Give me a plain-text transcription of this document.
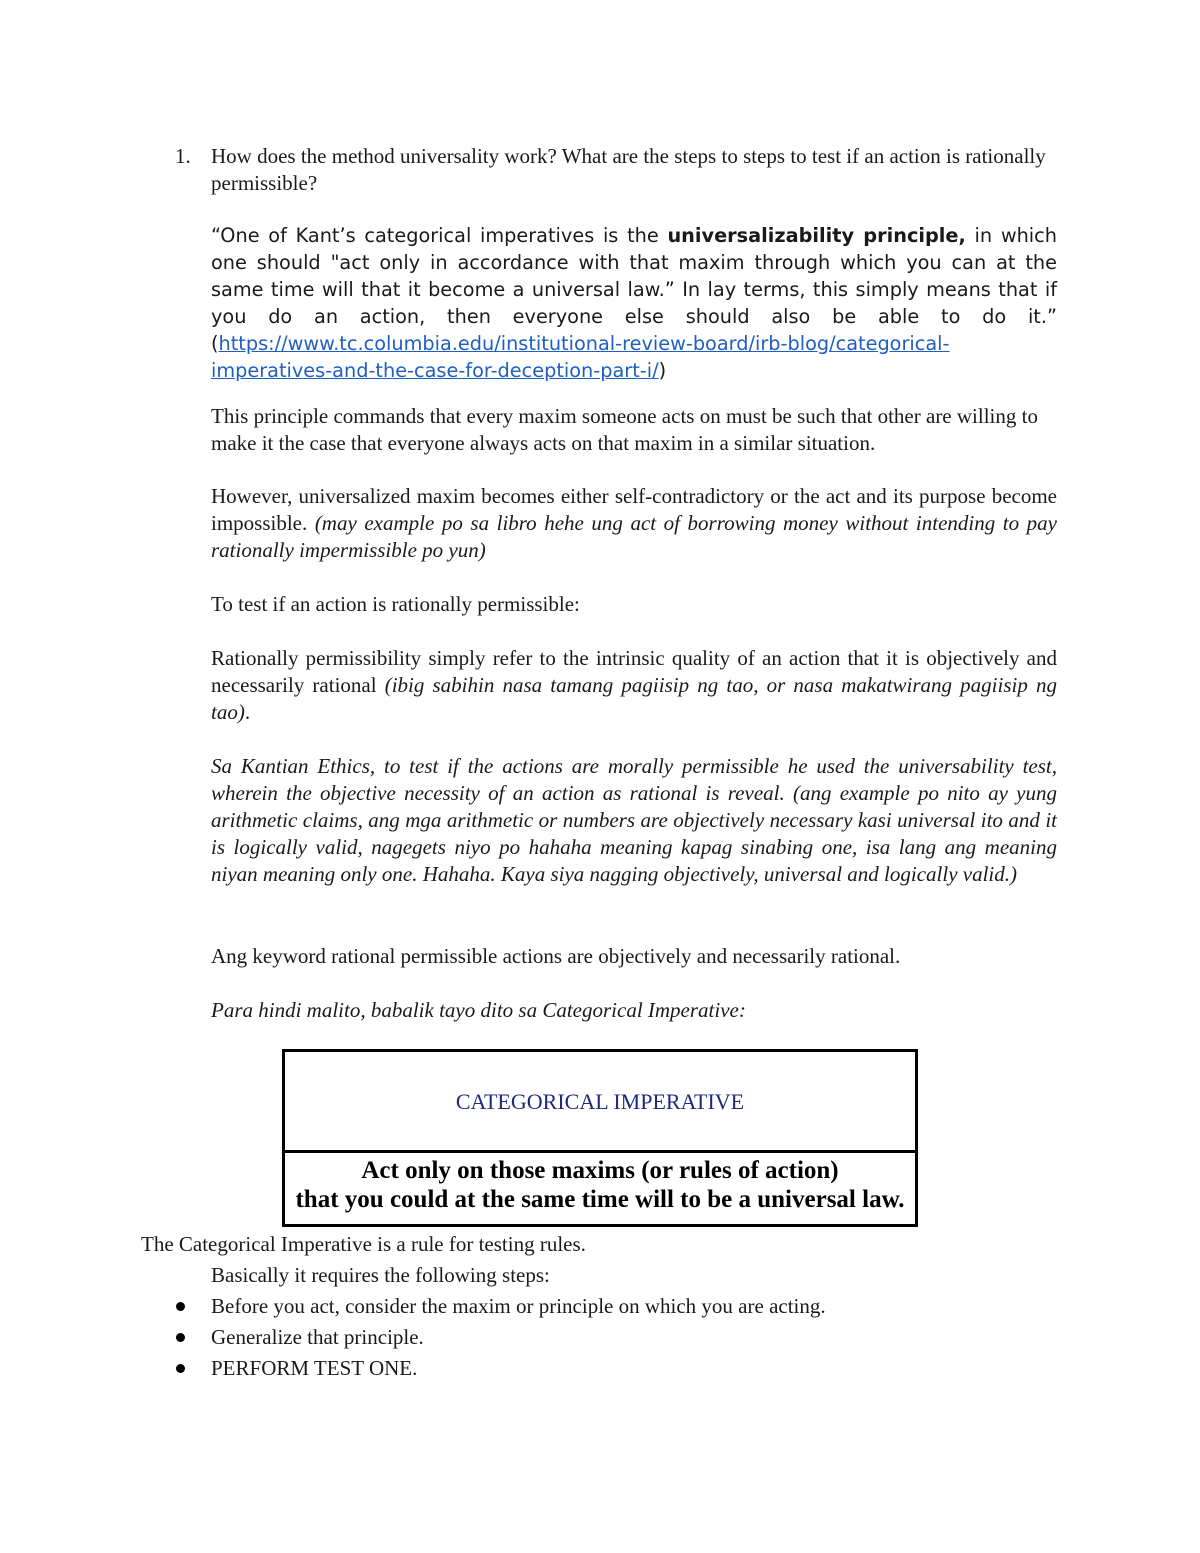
1. How does the method universality work? What are the steps to steps to test if an action is rationally permissible?
“One of Kant’s categorical imperatives is the universalizability principle, in which one should "act only in accordance with that maxim through which you can at the same time will that it become a universal law.” In lay terms, this simply means that if you do an action, then everyone else should also be able to do it.” (https://www.tc.columbia.edu/institutional-review-board/irb-blog/categorical-imperatives-and-the-case-for-deception-part-i/)
This principle commands that every maxim someone acts on must be such that other are willing to make it the case that everyone always acts on that maxim in a similar situation.
However, universalized maxim becomes either self-contradictory or the act and its purpose become impossible. (may example po sa libro hehe ung act of borrowing money without intending to pay rationally impermissible po yun)
To test if an action is rationally permissible:
Rationally permissibility simply refer to the intrinsic quality of an action that it is objectively and necessarily rational (ibig sabihin nasa tamang pagiisip ng tao, or nasa makatwirang pagiisip ng tao).
Sa Kantian Ethics, to test if the actions are morally permissible he used the universability test, wherein the objective necessity of an action as rational is reveal. (ang example po nito ay yung arithmetic claims, ang mga arithmetic or numbers are objectively necessary kasi universal ito and it is logically valid, nagegets niyo po hahaha meaning kapag sinabing one, isa lang ang meaning niyan meaning only one. Hahaha. Kaya siya nagging objectively, universal and logically valid.)
Ang keyword rational permissible actions are objectively and necessarily rational.
Para hindi malito, babalik tayo dito sa Categorical Imperative:
CATEGORICAL IMPERATIVE
Act only on those maxims (or rules of action)
that you could at the same time will to be a universal law.
The Categorical Imperative is a rule for testing rules.
Basically it requires the following steps:
Before you act, consider the maxim or principle on which you are acting.
Generalize that principle.
PERFORM TEST ONE.
